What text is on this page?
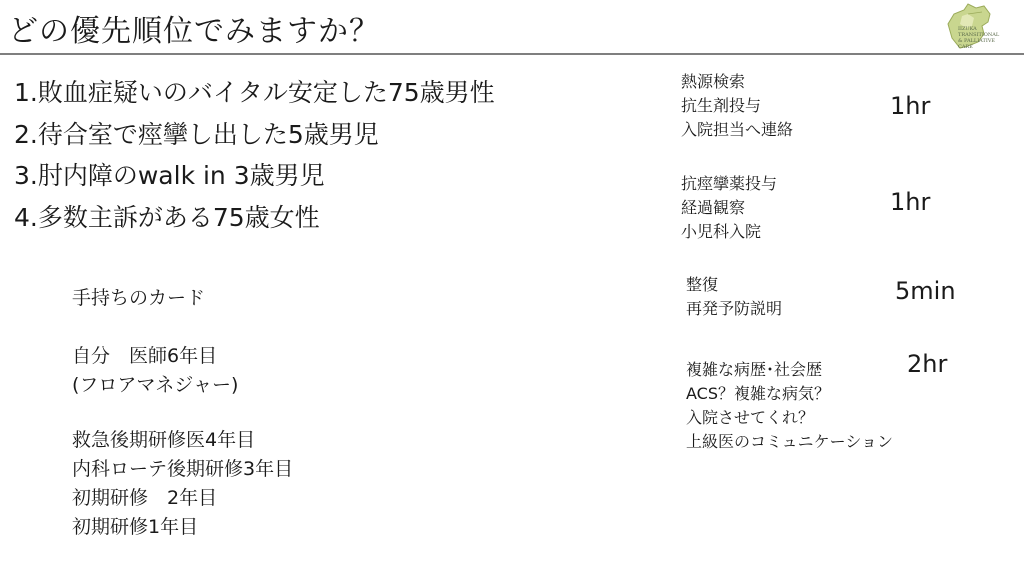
どの優先順位でみますか？	IIZUKA
TRANSITIONAL
& PALLIATIVE
CARE
1.敗血症疑いのバイタル安定した75歳男性
2.待合室で痙攣し出した5歳男児
3.肘内障のwalk in 3歳男児
4.多数主訴がある75歳女性
手持ちのカード
自分　医師6年目
(フロアマネジャー)
救急後期研修医4年目
内科ローテ後期研修3年目
初期研修　2年目
初期研修1年目
熱源検索
抗生剤投与
入院担当へ連絡
1hr
抗痙攣薬投与
経過観察
小児科入院
1hr
整復
再発予防説明
5min
複雑な病歴･社会歴
ACS？複雑な病気？
入院させてくれ？
上級医のコミュニケーション
2hr
